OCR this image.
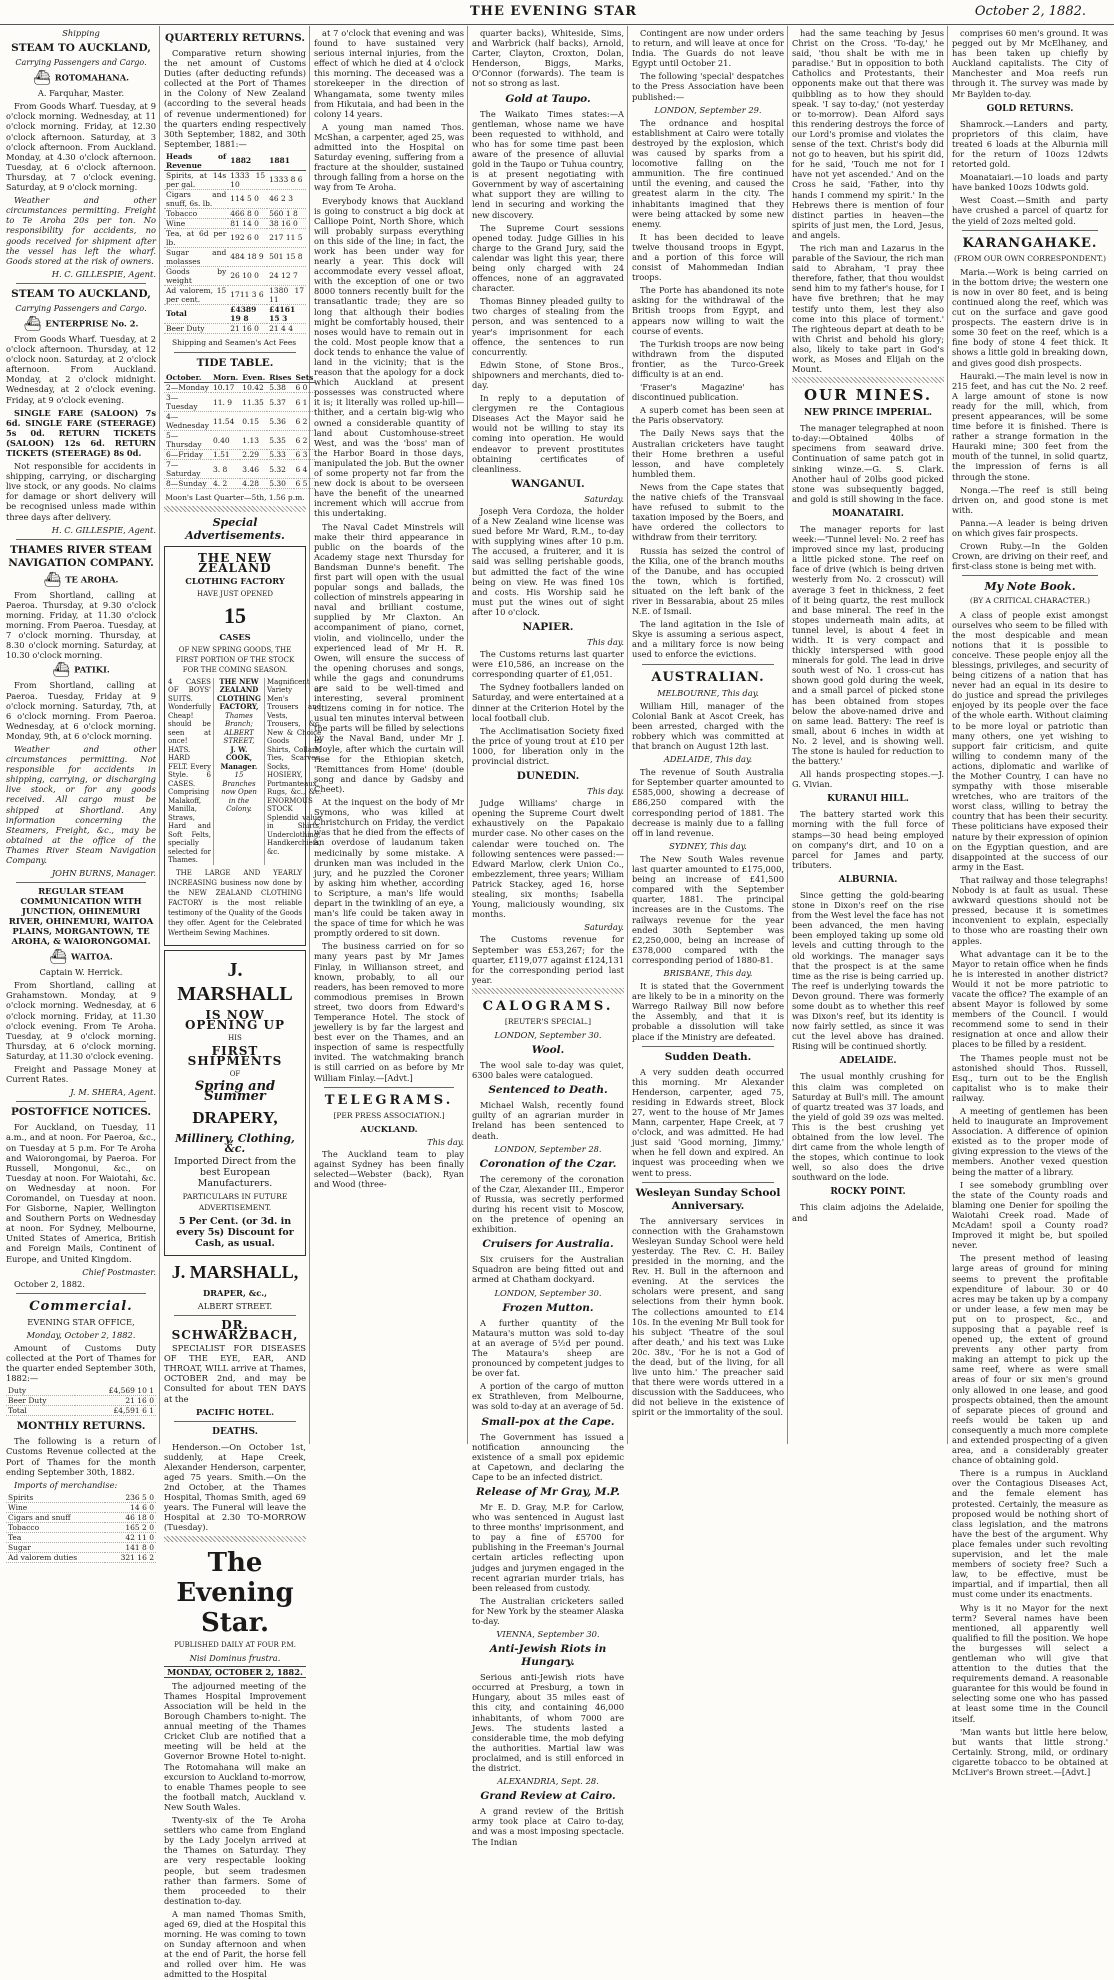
THE EVENING STAR	October 2, 1882.

Shipping

STEAM TO AUCKLAND,

Carrying Passengers and Cargo.

⛴ ROTOMAHANA.

A. Farquhar, Master.

From Goods Wharf. Tuesday, at 9 o'clock morning. Wednesday, at 11 o'clock morning. Friday, at 12.30 o'clock afternoon. Saturday, at 3 o'clock afternoon. From Auckland. Monday, at 4.30 o'clock afternoon. Tuesday, at 6 o'clock afternoon. Thursday, at 7 o'clock evening. Saturday, at 9 o'clock morning.

Weather and other circumstances permitting. Freight to Te Aroha 20s per ton. No responsibility for accidents, no goods received for shipment after the vessel has left the wharf. Goods stored at the risk of owners.

H. C. GILLESPIE, Agent.

STEAM TO AUCKLAND,

Carrying Passengers and Cargo.

⛴ ENTERPRISE No. 2.

From Goods Wharf. Tuesday, at 2 o'clock afternoon. Thursday, at 12 o'clock noon. Saturday, at 2 o'clock afternoon. From Auckland. Monday, at 2 o'clock midnight. Wednesday, at 2 o'clock evening. Friday, at 9 o'clock evening.

SINGLE FARE (SALOON) 7s 6d. SINGLE FARE (STEERAGE) 5s 0d. RETURN TICKETS (SALOON) 12s 6d. RETURN TICKETS (STEERAGE) 8s 0d.

Not responsible for accidents in shipping, carrying, or discharging live stock, or any goods. No claims for damage or short delivery will be recognised unless made within three days after delivery.

H. C. GILLESPIE, Agent.

THAMES RIVER STEAM NAVIGATION COMPANY.

⛴ TE AROHA.

From Shortland, calling at Paeroa. Thursday, at 9.30 o'clock morning. Friday, at 11.30 o'clock morning. From Paeroa. Tuesday, at 7 o'clock morning. Thursday, at 8.30 o'clock morning. Saturday, at 10.30 o'clock morning.

⛴ PATIKI.

From Shortland, calling at Paeroa. Tuesday, Friday at 9 o'clock morning. Saturday, 7th, at 6 o'clock morning. From Paeroa. Wednesday, at 6 o'clock morning. Monday, 9th, at 6 o'clock morning.

Weather and other circumstances permitting. Not responsible for accidents in shipping, carrying, or discharging live stock, or for any goods received. All cargo must be shipped at Shortland. Any information concerning the Steamers, Freight, &c., may be obtained at the office of the Thames River Steam Navigation Company.

JOHN BURNS, Manager.

REGULAR STEAM COMMUNICATION WITH JUNCTION, OHINEMURI RIVER, OHINEMURI, WAITOA PLAINS, MORGANTOWN, TE AROHA, & WAIORONGOMAI.

⛴ WAITOA.

Captain W. Herrick.

From Shortland, calling at Grahamstown. Monday, at 9 o'clock morning. Wednesday, at 6 o'clock morning. Friday, at 11.30 o'clock evening. From Te Aroha. Tuesday, at 9 o'clock morning. Thursday, at 6 o'clock morning. Saturday, at 11.30 o'clock evening.

Freight and Passage Money at Current Rates.

J. M. SHERA, Agent.

POSTOFFICE NOTICES.

For Auckland, on Tuesday, 11 a.m., and at noon. For Paeroa, &c., on Tuesday at 5 p.m. For Te Aroha and Waiorongomai, by Paeroa. For Russell, Mongonui, &c., on Tuesday at noon. For Waiotahi, &c. on Wednesday at noon. For Coromandel, on Tuesday at noon. For Gisborne, Napier, Wellington and Southern Ports on Wednesday at noon. For Sydney, Melbourne, United States of America, British and Foreign Mails, Continent of Europe, and United Kingdom.

Chief Postmaster.

October 2, 1882.

Commercial.

EVENING STAR OFFICE,

Monday, October 2, 1882.

Amount of Customs Duty collected at the Port of Thames for the quarter ended September 30th, 1882:—

Duty	£4,569 10 1
Beer Duty	21 16 0
Total	£4,591 6 1

MONTHLY RETURNS.

The following is a return of Customs Revenue collected at the Port of Thames for the month ending September 30th, 1882.

Imports of merchandise:

Spirits	236 5 0
Wine	14 6 0
Cigars and snuff	46 18 0
Tobacco	165 2 0
Tea	42 11 0
Sugar	141 8 0
Ad valorem duties	321 16 2

QUARTERLY RETURNS.

Comparative return showing the net amount of Customs Duties (after deducting refunds) collected at the Port of Thames in the Colony of New Zealand (according to the several heads of revenue undermentioned) for the quarters ending respectively 30th September, 1882, and 30th September, 1881:—

Heads of Revenue	1882	1881
Spirits, at 14s per gal.	1333 15 10	1333 8 6
Cigars and snuff, 6s. lb.	114 5 0	46 2 3
Tobacco	466 8 0	560 1 8
Wine	81 14 0	38 16 0
Tea, at 6d per lb.	192 6 0	217 11 5
Sugar and molasses	484 18 9	501 15 8
Goods by weight	26 10 0	24 12 7
Ad valorem, 15 per cent.	1711 3 6	1380 17 11
Total	£4389 19 8	£4161 15 3
Beer Duty	21 16 0	21 4 4

Shipping and Seamen's Act Fees

TIDE TABLE.

October.	Morn.	Even.	Rises	Sets
2—Monday	10.17	10.42	5.38	6 0
3—Tuesday	11. 9	11.35	5.37	6 1
4—Wednesday	11.54	0.15	5.36	6 2
5—Thursday	0.40	1.13	5.35	6 2
6—Friday	1.51	2.29	5.33	6 3
7—Saturday	3. 8	3.46	5.32	6 4
8—Sunday	4. 2	4.28	5.30	6 5

Moon's Last Quarter—5th, 1.56 p.m.

Special Advertisements.

THE NEW ZEALAND

CLOTHING FACTORY

HAVE JUST OPENED

15

CASES

OF NEW SPRING GOODS, THE FIRST PORTION OF THE STOCK FOR THE COMING SEASON.

4 CASES OF BOYS' SUITS. Wonderfully Cheap! should be seen at once! HATS. HARD FELT. Every Style. 6 CASES. Comprising Malakoff, Manilla, Straws, Hard and Soft Felts, specially selected for Thames.
THE NEW ZEALAND CLOTHING FACTORY,
Thames Branch; ALBERT STREET,
J. W. COOK, Manager.
15 Branches now Open in the Colony.
Magnificent Variety of Men's Trousers and Vests, Trousers, &c. New & Choice Goods in Shirts, Collars, Ties, Scarves, Socks, HOSIERY, Portmanteaux, Rugs, &c., &c. ENORMOUS STOCK Splendid value in Shirts, Underclothing, Handkerchiefs, &c.

THE LARGE AND YEARLY INCREASING business now done by the NEW ZEALAND CLOTHING FACTORY is the most reliable testimony of the Quality of the Goods they offer. Agent for the Celebrated Wertheim Sewing Machines.

J. MARSHALL

IS NOW OPENING UP

HIS

FIRST SHIPMENTS

OF

Spring and Summer

DRAPERY,

Millinery, Clothing, &c.

Imported Direct from the best European Manufacturers.

PARTICULARS IN FUTURE ADVERTISEMENT.

5 Per Cent. (or 3d. in every 5s) Discount for Cash, as usual.

J. MARSHALL,

DRAPER, &c.,

ALBERT STREET.

DR. SCHWARZBACH,

SPECIALIST FOR DISEASES OF THE EYE, EAR, AND THROAT, WILL arrive at Thames, OCTOBER 2nd, and may be Consulted for about TEN DAYS at the

PACIFIC HOTEL.

DEATHS.

Henderson.—On October 1st, suddenly, at Hape Creek, Alexander Henderson, carpenter, aged 75 years. Smith.—On the 2nd October, at the Thames Hospital, Thomas Smith, aged 69 years. The Funeral will leave the Hospital at 2.30 TO-MORROW (Tuesday).

The Evening Star.

PUBLISHED DAILY AT FOUR P.M.

Nisi Dominus frustra.

MONDAY, OCTOBER 2, 1882.

The adjourned meeting of the Thames Hospital Improvement Association will be held in the Borough Chambers to-night. The annual meeting of the Thames Cricket Club are notified that a meeting will be held at the Governor Browne Hotel to-night. The Rotomahana will make an excursion to Auckland to-morrow, to enable Thames people to see the football match, Auckland v. New South Wales.

Twenty-six of the Te Aroha settlers who came from England by the Lady Jocelyn arrived at the Thames on Saturday. They are very respectable looking people, but seem tradesmen rather than farmers. Some of them proceeded to their destination to-day.

A man named Thomas Smith, aged 69, died at the Hospital this morning. He was coming to town on Sunday afternoon and when at the end of Parit, the horse fell and rolled over him. He was admitted to the Hospital

at 7 o'clock that evening and was found to have sustained very serious internal injuries, from the effect of which he died at 4 o'clock this morning. The deceased was a storekeeper in the direction of Whangamata, some twenty miles from Hikutaia, and had been in the colony 14 years.

A young man named Thos. McShan, a carpenter, aged 25, was admitted into the Hospital on Saturday evening, suffering from a fracture at the shoulder, sustained through falling from a horse on the way from Te Aroha.

Everybody knows that Auckland is going to construct a big dock at Calliope Point, North Shore, which will probably surpass everything on this side of the line; in fact, the work has been under way for nearly a year. This dock will accommodate every vessel afloat, with the exception of one or two 8000 tonners recently built for the transatlantic trade; they are so long that although their bodies might be comfortably housed, their noses would have to remain out in the cold. Most people know that a dock tends to enhance the value of land in the vicinity; that is the reason that the apology for a dock which Auckland at present possesses was constructed where it is; it literally was rolled up-hill—thither, and a certain big-wig who owned a considerable quantity of land about Customhouse-street West, and was the 'boss' man of the Harbor Board in those days, manipulated the job. But the owner of some property not far from the new dock is about to be overseen have the benefit of the unearned increment which will accrue from this undertaking.

The Naval Cadet Minstrels will make their third appearance in public on the boards of the Academy stage next Thursday for Bandsman Dunne's benefit. The first part will open with the usual popular songs and ballads, the collection of minstrels appearing in naval and brilliant costume, supplied by Mr Claxton. An accompaniment of piano, cornet, violin, and violincello, under the experienced lead of Mr H. R. Owen, will ensure the success of the opening choruses and songs, while the gags and conundrums are said to be well-timed and interesting, several prominent citizens coming in for notice. The usual ten minutes interval between the parts will be filled by selections by the Naval Band, under Mr J. Moyle, after which the curtain will rise for the Ethiopian sketch, 'Remittances from Home' (double song and dance by Gadsby and Cheet).

At the inquest on the body of Mr Symons, who was killed at Christchurch on Friday, the verdict was that he died from the effects of an overdose of laudanum taken medicinally by some mistake. A drunken man was included in the jury, and he puzzled the Coroner by asking him whether, according to Scripture, a man's life would depart in the twinkling of an eye, a man's life could be taken away in the space of time for which he was promptly ordered to sit down.

The business carried on for so many years past by Mr James Finlay, in Willianson street, and known, probably, to all our readers, has been removed to more commodious premises in Brown street, two doors from Edward's Temperance Hotel. The stock of jewellery is by far the largest and best ever on the Thames, and an inspection of same is respectfully invited. The watchmaking branch is still carried on as before by Mr William Finlay.—[Advt.]

TELEGRAMS.

[PER PRESS ASSOCIATION.]

AUCKLAND.

This day.

The Auckland team to play against Sydney has been finally selected—Webster (back), Ryan and Wood (three-

quarter backs), Whiteside, Sims, and Warbrick (half backs), Arnold, Carter, Clayton, Croxton, Dolan, Henderson, Biggs, Marks, O'Connor (forwards). The team is not so strong as last.

Gold at Taupo.

The Waikato Times states:—A gentleman, whose name we have been requested to withhold, and who has for some time past been aware of the presence of alluvial gold in the Taupo or Tuhua country, is at present negotiating with Government by way of ascertaining what support they are willing to lend in securing and working the new discovery.

The Supreme Court sessions opened today. Judge Gillies in his charge to the Grand Jury, said the calendar was light this year, there being only charged with 24 offences, none of an aggravated character.

Thomas Binney pleaded guilty to two charges of stealing from the person, and was sentenced to a year's imprisonment for each offence, the sentences to run concurrently.

Edwin Stone, of Stone Bros., shipowners and merchants, died to-day.

In reply to a deputation of clergymen re the Contagious Diseases Act the Mayor said he would not be willing to stay its coming into operation. He would endeavor to prevent prostitutes obtaining certificates of cleanliness.

WANGANUI.

Saturday.

Joseph Vera Cordoza, the holder of a New Zealand wine license was sued before Mr Ward, R.M., to-day with supplying wines after 10 p.m. The accused, a fruiterer, and it is said was selling perishable goods, but admitted the fact of the wine being on view. He was fined 10s and costs. His Worship said he must put the wines out of sight after 10 o'clock.

NAPIER.

This day.

The Customs returns last quarter were £10,586, an increase on the corresponding quarter of £1,051.

The Sydney footballers landed on Saturday, and were entertained at a dinner at the Criterion Hotel by the local football club.

The Acclimatisation Society fixed the price of young trout at £10 per 1000, for liberation only in the provincial district.

DUNEDIN.

This day.

Judge Williams' charge in opening the Supreme Court dwelt exhaustively on the Papakaio murder case. No other cases on the calendar were touched on. The following sentences were passed:—Edward Marlow, clerk Union Co., embezzlement, three years; William Patrick Stackey, aged 16, horse stealing, six months; Isabella Young, maliciously wounding, six months.

Saturday.

The Customs revenue for September was £53,267; for the quarter, £119,077 against £124,131 for the corresponding period last year.

CALOGRAMS.

[REUTER'S SPECIAL.]

LONDON, September 30.

Wool.

The wool sale to-day was quiet, 6300 bales were catalogued.

Sentenced to Death.

Michael Walsh, recently found guilty of an agrarian murder in Ireland has been sentenced to death.

LONDON, September 28.

Coronation of the Czar.

The ceremony of the coronation of the Czar, Alexander III., Emperor of Russia, was secretly performed during his recent visit to Moscow, on the pretence of opening an exhibition.

Cruisers for Australia.

Six cruisers for the Australian Squadron are being fitted out and armed at Chatham dockyard.

LONDON, September 30.

Frozen Mutton.

A further quantity of the Mataura's mutton was sold to-day at an average of 5½d per pound. The Mataura's sheep are pronounced by competent judges to be over fat.

A portion of the cargo of mutton ex Strathleven, from Melbourne, was sold to-day at an average of 5d.

Small-pox at the Cape.

The Government has issued a notification announcing the existence of a small pox epidemic at Capetown, and declaring the Cape to be an infected district.

Release of Mr Gray, M.P.

Mr E. D. Gray, M.P. for Carlow, who was sentenced in August last to three months' imprisonment, and to pay a fine of £5700 for publishing in the Freeman's Journal certain articles reflecting upon judges and jurymen engaged in the recent agrarian murder trials, has been released from custody.

The Australian cricketers sailed for New York by the steamer Alaska to-day.

VIENNA, September 30.

Anti-Jewish Riots in Hungary.

Serious anti-Jewish riots have occurred at Presburg, a town in Hungary, about 35 miles east of this city, and containing 46,000 inhabitants, of whom 7000 are Jews. The students lasted a considerable time, the mob defying the authorities. Martial law was proclaimed, and is still enforced in the district.

ALEXANDRIA, Sept. 28.

Grand Review at Cairo.

A grand review of the British army took place at Cairo to-day, and was a most imposing spectacle. The Indian

Contingent are now under orders to return, and will leave at once for India. The Guards do not leave Egypt until October 21.

The following 'special' despatches to the Press Association have been published:—

LONDON, September 29.

The ordnance and hospital establishment at Cairo were totally destroyed by the explosion, which was caused by sparks from a locomotive falling on the ammunition. The fire continued until the evening, and caused the greatest alarm in the city. The inhabitants imagined that they were being attacked by some new enemy.

It has been decided to leave twelve thousand troops in Egypt, and a portion of this force will consist of Mahommedan Indian troops.

The Porte has abandoned its note asking for the withdrawal of the British troops from Egypt, and appears now willing to wait the course of events.

The Turkish troops are now being withdrawn from the disputed frontier, as the Turco-Greek difficulty is at an end.

'Fraser's Magazine' has discontinued publication.

A superb comet has been seen at the Paris observatory.

The Daily News says that the Australian cricketers have taught their Home brethren a useful lesson, and have completely humbled them.

News from the Cape states that the native chiefs of the Transvaal have refused to submit to the taxation imposed by the Boers, and have ordered the collectors to withdraw from their territory.

Russia has seized the control of the Kilia, one of the branch mouths of the Danube, and has occupied the town, which is fortified, situated on the left bank of the river in Bessarabia, about 25 miles N.E. of Ismail.

The land agitation in the Isle of Skye is assuming a serious aspect, and a military force is now being used to enforce the evictions.

AUSTRALIAN.

MELBOURNE, This day.

William Hill, manager of the Colonial Bank at Ascot Creek, has been arrested, charged with the robbery which was committed at that branch on August 12th last.

ADELAIDE, This day.

The revenue of South Australia for September quarter amounted to £585,000, showing a decrease of £86,250 compared with the corresponding period of 1881. The decrease is mainly due to a falling off in land revenue.

SYDNEY, This day.

The New South Wales revenue last quarter amounted to £175,000, being an increase of £41,500 compared with the September quarter, 1881. The principal increases are in the Customs. The railways revenue for the year ended 30th September was £2,250,000, being an increase of £378,000 compared with the corresponding period of 1880-81.

BRISBANE, This day.

It is stated that the Government are likely to be in a minority on the Warrego Railway Bill now before the Assembly, and that it is probable a dissolution will take place if the Ministry are defeated.

Sudden Death.

A very sudden death occurred this morning. Mr Alexander Henderson, carpenter, aged 75, residing in Edwards street, Block 27, went to the house of Mr James Mann, carpenter, Hape Creek, at 7 o'clock, and was admitted. He had just said 'Good morning, Jimmy,' when he fell down and expired. An inquest was proceeding when we went to press.

Wesleyan Sunday School Anniversary.

The anniversary services in connection with the Grahamstown Wesleyan Sunday School were held yesterday. The Rev. C. H. Bailey presided in the morning, and the Rev. H. Bull in the afternoon and evening. At the services the scholars were present, and sang selections from their hymn book. The collections amounted to £14 10s. In the evening Mr Bull took for his subject 'Theatre of the soul after death,' and his text was Luke 20c. 38v., 'For he is not a God of the dead, but of the living, for all live unto him.' The preacher said that there were words uttered in a discussion with the Sadducees, who did not believe in the existence of spirit or the immortality of the soul.

had the same teaching by Jesus Christ on the Cross. 'To-day,' he said, 'thou shalt be with me in paradise.' But in opposition to both Catholics and Protestants, their opponents make out that there was quibbling as to how they should speak. 'I say to-day,' (not yesterday or to-morrow). Dean Alford says this rendering destroys the force of our Lord's promise and violates the sense of the text. Christ's body did not go to heaven, but his spirit did, for he said, 'Touch me not for I have not yet ascended.' And on the Cross he said, 'Father, into thy hands I commend my spirit.' In the Hebrews there is mention of four distinct parties in heaven—the spirits of just men, the Lord, Jesus, and angels.

The rich man and Lazarus in the parable of the Saviour, the rich man said to Abraham, 'I pray thee therefore, father, that thou wouldst send him to my father's house, for I have five brethren; that he may testify unto them, lest they also come into this place of torment.' The righteous depart at death to be with Christ and behold his glory; also, likely to take part in God's work, as Moses and Elijah on the Mount.

OUR MINES.

NEW PRINCE IMPERIAL.

The manager telegraphed at noon to-day:—Obtained 40lbs of specimens from seaward drive. Continuation of same patch got in sinking winze.—G. S. Clark. Another haul of 20lbs good picked stone was subsequently bagged, and gold is still showing in the face.

MOANATAIRI.

The manager reports for last week:—'Tunnel level: No. 2 reef has improved since my last, producing a little picked stone. The reef on face of drive (which is being driven westerly from No. 2 crosscut) will average 3 feet in thickness, 2 feet of it being quartz, the rest mullock and base mineral. The reef in the stopes underneath main adits, at tunnel level, is about 4 feet in width. It is very compact and thickly interspersed with good minerals for gold. The lead in drive south west of No. 1 cross-cut has shown good gold during the week, and a small parcel of picked stone has been obtained from stopes below the above-named drive and on same lead. Battery: The reef is small, about 6 inches in width at No. 2 level, and is showing well. The stone is hauled for reduction to the battery.'

All hands prospecting stopes.—J. G. Vivian.

KURANUI HILL.

The battery started work this morning with the full force of stamps—30 head being employed on company's dirt, and 10 on a parcel for James and party, tributers.

ALBURNIA.

Since getting the gold-bearing stone in Dixon's reef on the rise from the West level the face has not been advanced, the men having been employed taking up some old levels and cutting through to the old workings. The manager says that the prospect is at the same time as the rise is being carried up. The reef is underlying towards the Devon ground. There was formerly some doubt as to whether this reef was Dixon's reef, but its identity is now fairly settled, as since it was cut the level above has drained. Rising will be continued shortly.

ADELAIDE.

The usual monthly crushing for this claim was completed on Saturday at Bull's mill. The amount of quartz treated was 37 loads, and the yield of gold 39 ozs was melted. This is the best crushing yet obtained from the low level. The dirt came from the whole length of the stopes, which continue to look well, so also does the drive southward on the lode.

ROCKY POINT.

This claim adjoins the Adelaide, and

comprises 60 men's ground. It was pegged out by Mr McElhaney, and has been taken up chiefly by Auckland capitalists. The City of Manchester and Moa reefs run through it. The survey was made by Mr Baylden to-day.

GOLD RETURNS.

Shamrock.—Landers and party, proprietors of this claim, have treated 6 loads at the Alburnia mill for the return of 10ozs 12dwts retorted gold.

Moanataiari.—10 loads and party have banked 10ozs 10dwts gold.

West Coast.—Smith and party have crushed a parcel of quartz for the yield of 2ozs melted gold.

KARANGAHAKE.

(FROM OUR OWN CORRESPONDENT.)

Maria.—Work is being carried on in the bottom drive; the western one is now in over 80 feet, and is being continued along the reef, which was cut on the surface and gave good prospects. The eastern drive is in some 30 feet on the reef, which is a fine body of stone 4 feet thick. It shows a little gold in breaking down, and gives good dish prospects.

Hauraki.—The main level is now in 215 feet, and has cut the No. 2 reef. A large amount of stone is now ready for the mill, which, from present appearances, will be some time before it is finished. There is rather a strange formation in the Hauraki mine; 300 feet from the mouth of the tunnel, in solid quartz, the impression of ferns is all through the stone.

Nonga.—The reef is still being driven on, and good stone is met with.

Panna.—A leader is being driven on which gives fair prospects.

Crown Ruby.—In the Golden Crown, are driving on their reef, and first-class stone is being met with.

My Note Book.

(BY A CRITICAL CHARACTER.)

A class of people exist amongst ourselves who seem to be filled with the most despicable and mean notions that it is possible to conceive. These people enjoy all the blessings, privileges, and security of being citizens of a nation that has never had an equal in its desire to do justice and spread the privileges enjoyed by its people over the face of the whole earth. Without claiming to be more loyal or patriotic than many others, one yet wishing to support fair criticism, and quite willing to condemn many of the actions, diplomatic and warlike of the Mother Country, I can have no sympathy with those miserable wretches, who are traitors of the worst class, willing to betray the country that has been their security. These politicians have exposed their nature by their expression of opinion on the Egyptian question, and are disappointed at the success of our army in the East.

That railway and those telegraphs! Nobody is at fault as usual. These awkward questions should not be pressed, because it is sometimes inconvenient to explain, especially to those who are roasting their own apples.

What advantage can it be to the Mayor to retain office when he finds he is interested in another district? Would it not be more patriotic to vacate the office? The example of an absent Mayor is followed by some members of the Council. I would recommend some to send in their resignation at once and allow their places to be filled by a resident.

The Thames people must not be astonished should Thos. Russell, Esq., turn out to be the English capitalist who is to make their railway.

A meeting of gentlemen has been held to inaugurate an Improvement Association. A difference of opinion existed as to the proper mode of giving expression to the views of the members. Another vexed question being the matter of a library.

I see somebody grumbling over the state of the County roads and blaming one Denier for spoiling the Waiotahi Creek road. Made of McAdam! spoil a County road? Improved it might be, but spoiled never.

The present method of leasing large areas of ground for mining seems to prevent the profitable expenditure of labour. 30 or 40 acres may be taken up by a company or under lease, a few men may be put on to prospect, &c., and supposing that a payable reef is opened up, the extent of ground prevents any other party from making an attempt to pick up the same reef, where as were small areas of four or six men's ground only allowed in one lease, and good prospects obtained, then the amount of separate pieces of ground and reefs would be taken up and consequently a much more complete and extended prospecting of a given area, and a considerably greater chance of obtaining gold.

There is a rumpus in Auckland over the Contagious Diseases Act, and the female element has protested. Certainly, the measure as proposed would be nothing short of class legislation, and the matrons have the best of the argument. Why place females under such revolting supervision, and let the male members of society free? Such a law, to be effective, must be impartial, and if impartial, then all must come under its enactments.

Why is it no Mayor for the next term? Several names have been mentioned, all apparently well qualified to fill the position. We hope the burgesses will select a gentleman who will give that attention to the duties that the requirements demand. A reasonable guarantee for this would be found in selecting some one who has passed at least some time in the Council itself.

'Man wants but little here below, but wants that little strong.' Certainly. Strong, mild, or ordinary cigarette tobacco to be obtained at McLiver's Brown street.—[Advt.]
